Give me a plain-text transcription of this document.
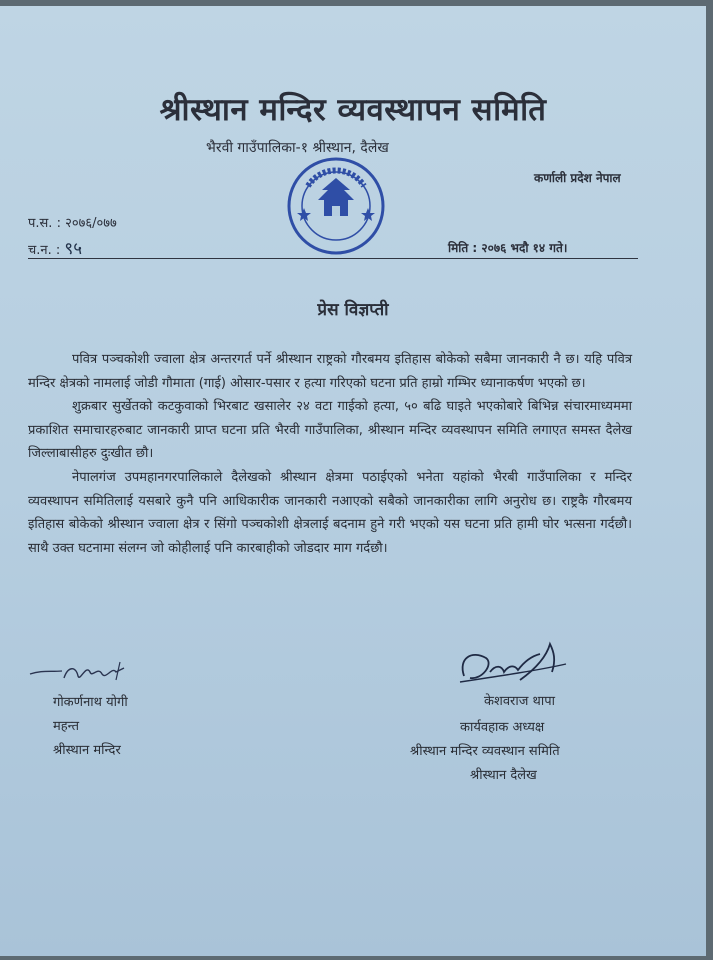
श्रीस्थान मन्दिर व्यवस्थापन समिति
भैरवी गाउँपालिका-१ श्रीस्थान, दैलेख
कर्णाली प्रदेश नेपाल
प.स. : २०७६/०७७
च.न. : ९५	मिति : २०७६ भदौ १४ गते।
प्रेस विज्ञप्ती

पवित्र पञ्चकोशी ज्वाला क्षेत्र अन्तरगर्त पर्ने श्रीस्थान राष्ट्रको गौरबमय इतिहास बोकेको सबैमा जानकारी नै छ। यहि पवित्र मन्दिर क्षेत्रको नामलाई जोडी गौमाता (गाई) ओसार-पसार र हत्या गरिएको घटना प्रति हाम्रो गम्भिर ध्यानाकर्षण भएको छ।

शुक्रबार सुर्खेतको कटकुवाको भिरबाट खसालेर २४ वटा गाईको हत्या, ५० बढि घाइते भएकोबारे बिभिन्न संचारमाध्यममा प्रकाशित समाचारहरुबाट जानकारी प्राप्त घटना प्रति भैरवी गाउँपालिका, श्रीस्थान मन्दिर व्यवस्थापन समिति लगाएत समस्त दैलेख जिल्लाबासीहरु दुःखीत छौ।

नेपालगंज उपमहानगरपालिकाले दैलेखको श्रीस्थान क्षेत्रमा पठाईएको भनेता यहांको भैरबी गाउँपालिका र मन्दिर व्यवस्थापन समितिलाई यसबारे कुनै पनि आधिकारीक जानकारी नआएको सबैको जानकारीका लागि अनुरोध छ। राष्ट्रकै गौरबमय इतिहास बोकेको श्रीस्थान ज्वाला क्षेत्र र सिंगो पञ्चकोशी क्षेत्रलाई बदनाम हुने गरी भएको यस घटना प्रति हामी घोर भत्सना गर्दछौ। साथै उक्त घटनामा संलग्न जो कोहीलाई पनि कारबाहीको जोडदार माग गर्दछौ।

गोकर्णनाथ योगी
महन्त
श्रीस्थान मन्दिर
केशवराज थापा
कार्यवहाक अध्यक्ष
श्रीस्थान मन्दिर व्यवस्थान समिति
श्रीस्थान दैलेख
